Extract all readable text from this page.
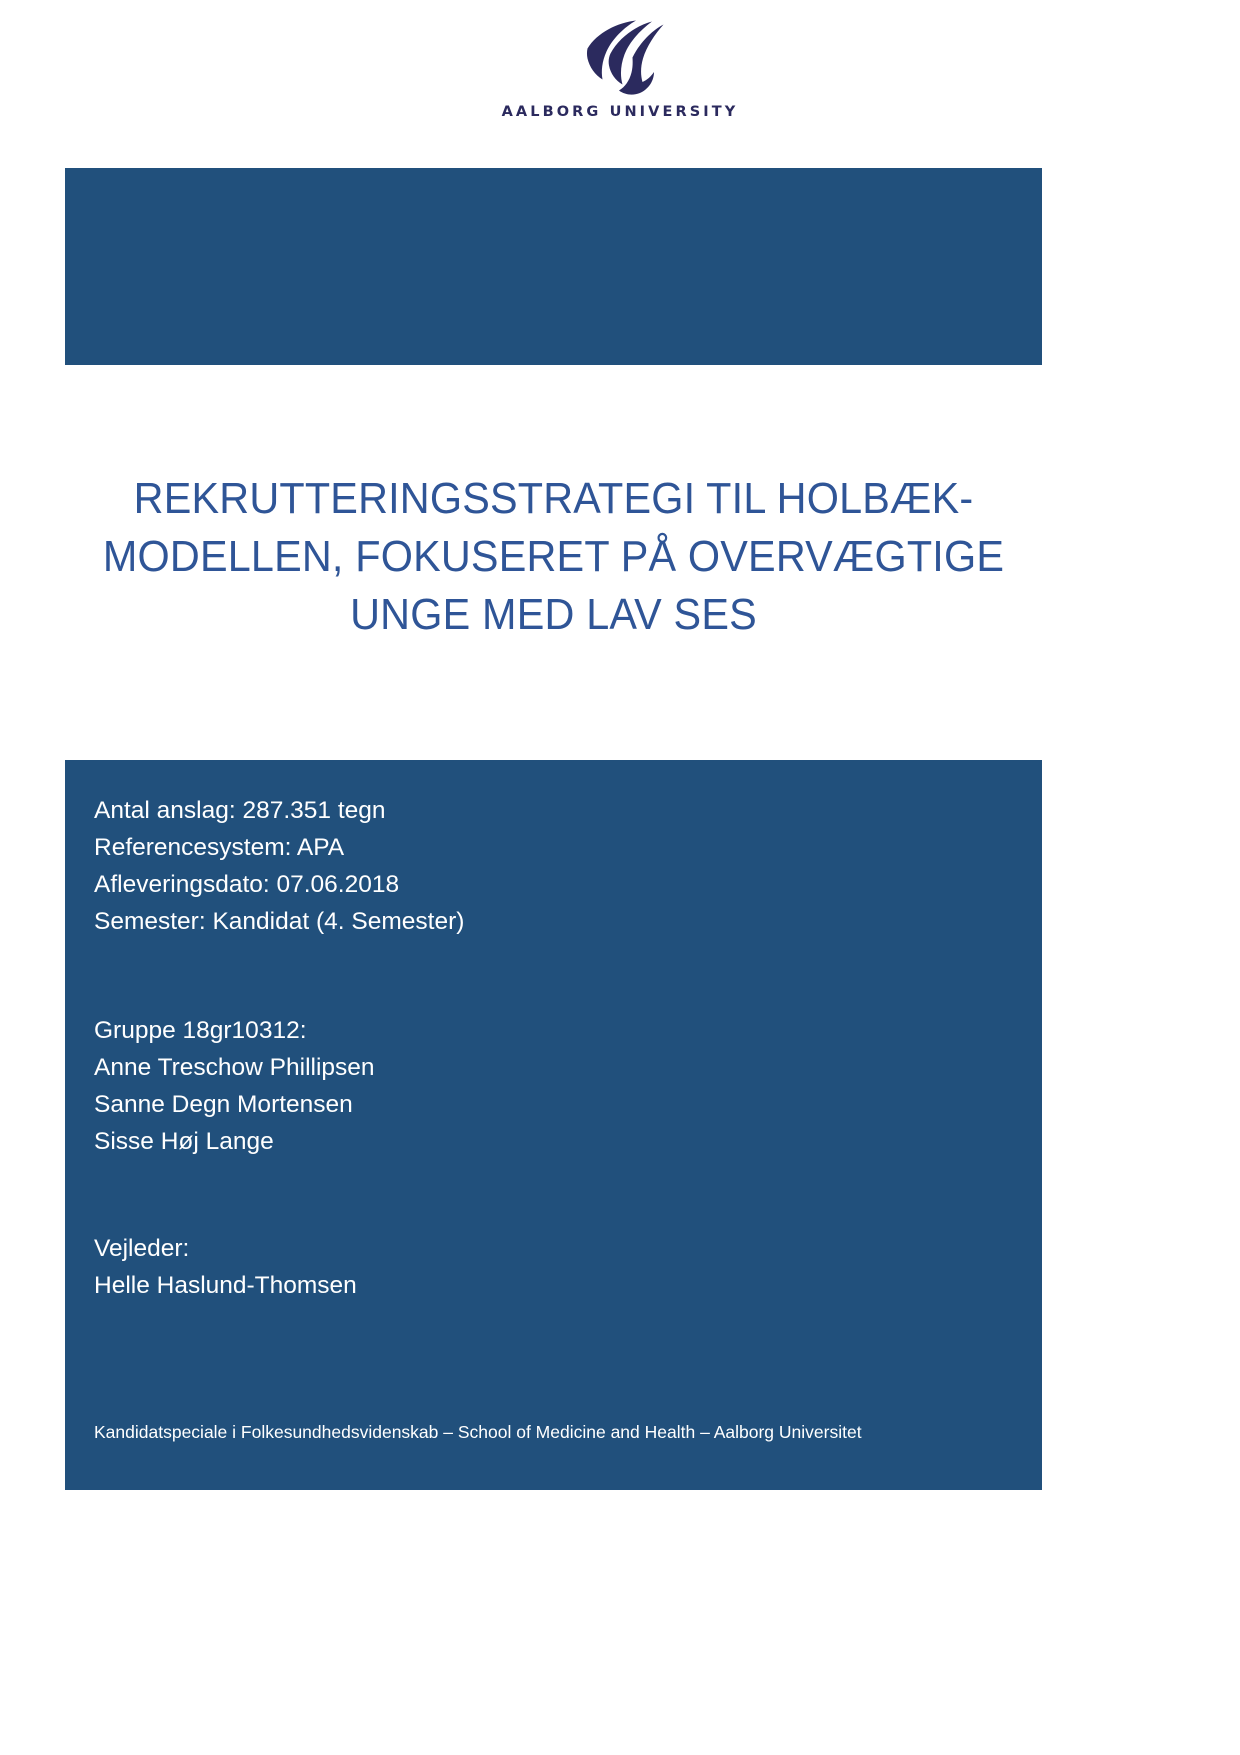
AALBORG UNIVERSITY
REKRUTTERINGSSTRATEGI TIL HOLBÆK-
MODELLEN, FOKUSERET PÅ OVERVÆGTIGE
UNGE MED LAV SES
Antal anslag: 287.351 tegn
Referencesystem: APA
Afleveringsdato: 07.06.2018
Semester: Kandidat (4. Semester)
Gruppe 18gr10312:
Anne Treschow Phillipsen
Sanne Degn Mortensen
Sisse Høj Lange
Vejleder:
Helle Haslund-Thomsen
Kandidatspeciale i Folkesundhedsvidenskab – School of Medicine and Health – Aalborg Universitet
